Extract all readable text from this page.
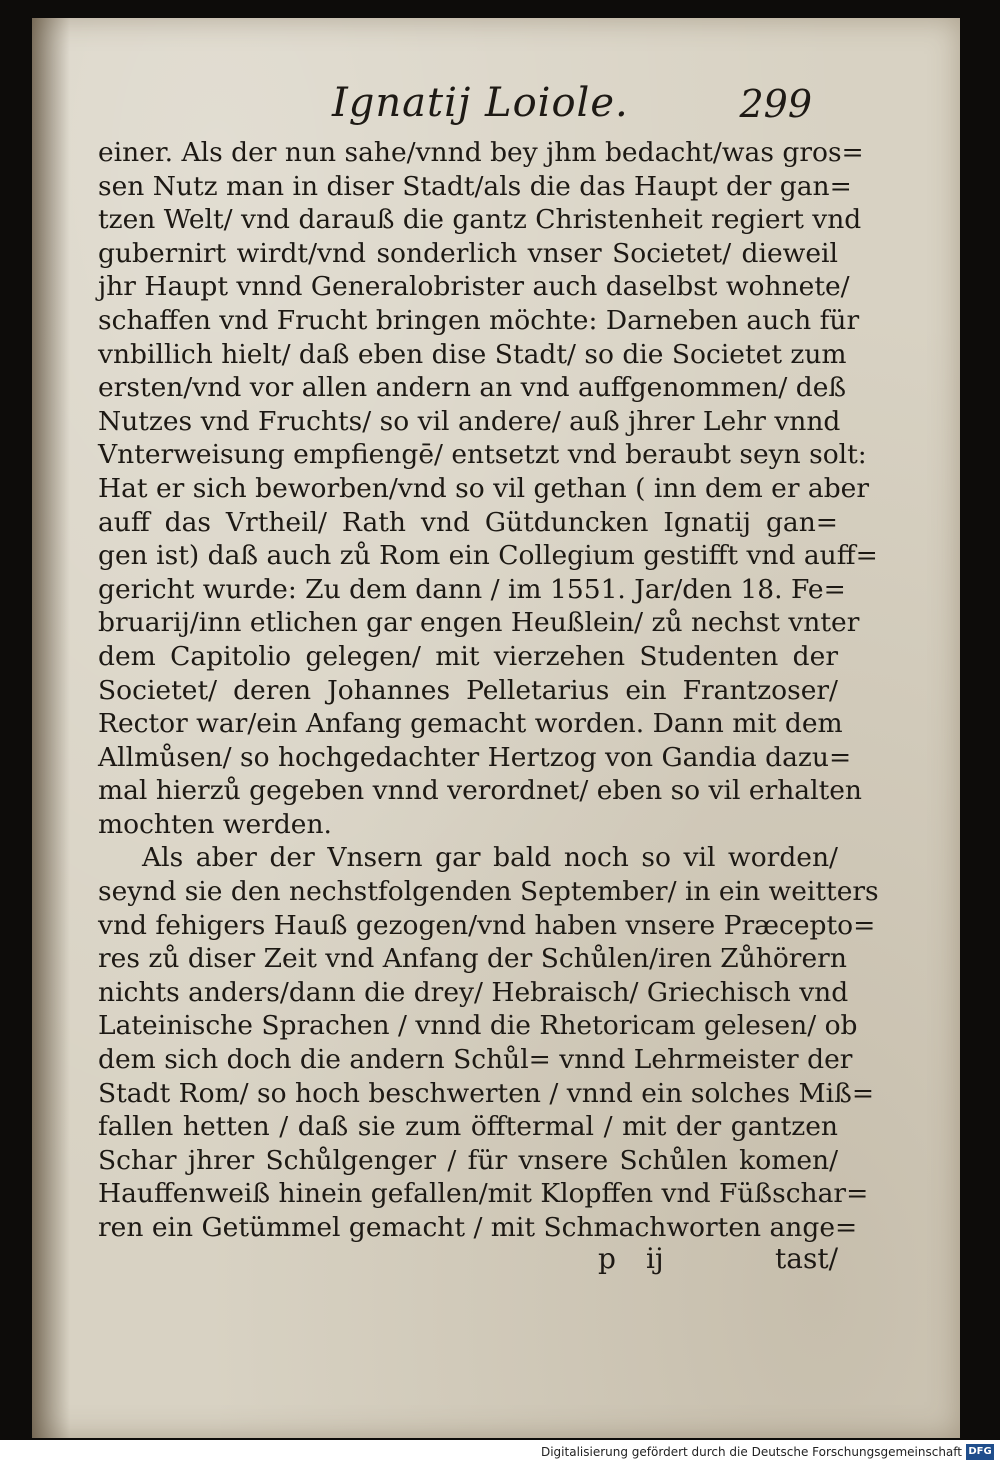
Ignatij Loiole.	299
einer. Als der nun sahe/vnnd bey jhm bedacht/was gros=
sen Nutz man in diser Stadt/als die das Haupt der gan=
tzen Welt/ vnd darauß die gantz Christenheit regiert vnd
gubernirt wirdt/vnd sonderlich vnser Societet/ dieweil
jhr Haupt vnnd Generalobrister auch daselbst wohnete/
schaffen vnd Frucht bringen möchte: Darneben auch für
vnbillich hielt/ daß eben dise Stadt/ so die Societet zum
ersten/vnd vor allen andern an vnd auffgenommen/ deß
Nutzes vnd Fruchts/ so vil andere/ auß jhrer Lehr vnnd
Vnterweisung empfiengē/ entsetzt vnd beraubt seyn solt:
Hat er sich beworben/vnd so vil gethan ( inn dem er aber
auff das Vrtheil/ Rath vnd Gütduncken Ignatij gan=
gen ist) daß auch zů Rom ein Collegium gestifft vnd auff=
gericht wurde: Zu dem dann / im 1551. Jar/den 18. Fe=
bruarij/inn etlichen gar engen Heußlein/ zů nechst vnter
dem Capitolio gelegen/ mit vierzehen Studenten der
Societet/ deren Johannes Pelletarius ein Frantzoser/
Rector war/ein Anfang gemacht worden. Dann mit dem
Allmůsen/ so hochgedachter Hertzog von Gandia dazu=
mal hierzů gegeben vnnd verordnet/ eben so vil erhalten
mochten werden.
Als aber der Vnsern gar bald noch so vil worden/
seynd sie den nechstfolgenden September/ in ein weitters
vnd fehigers Hauß gezogen/vnd haben vnsere Præcepto=
res zů diser Zeit vnd Anfang der Schůlen/iren Zůhörern
nichts anders/dann die drey/ Hebraisch/ Griechisch vnd
Lateinische Sprachen / vnnd die Rhetoricam gelesen/ ob
dem sich doch die andern Schůl= vnnd Lehrmeister der
Stadt Rom/ so hoch beschwerten / vnnd ein solches Miß=
fallen hetten / daß sie zum öfftermal / mit der gantzen
Schar jhrer Schůlgenger / für vnsere Schůlen komen/
Hauffenweiß hinein gefallen/mit Klopffen vnd Füßschar=
ren ein Getümmel gemacht / mit Schmachworten ange=
p ij	tast/
Digitalisierung gefördert durch die Deutsche Forschungsgemeinschaft DFG
